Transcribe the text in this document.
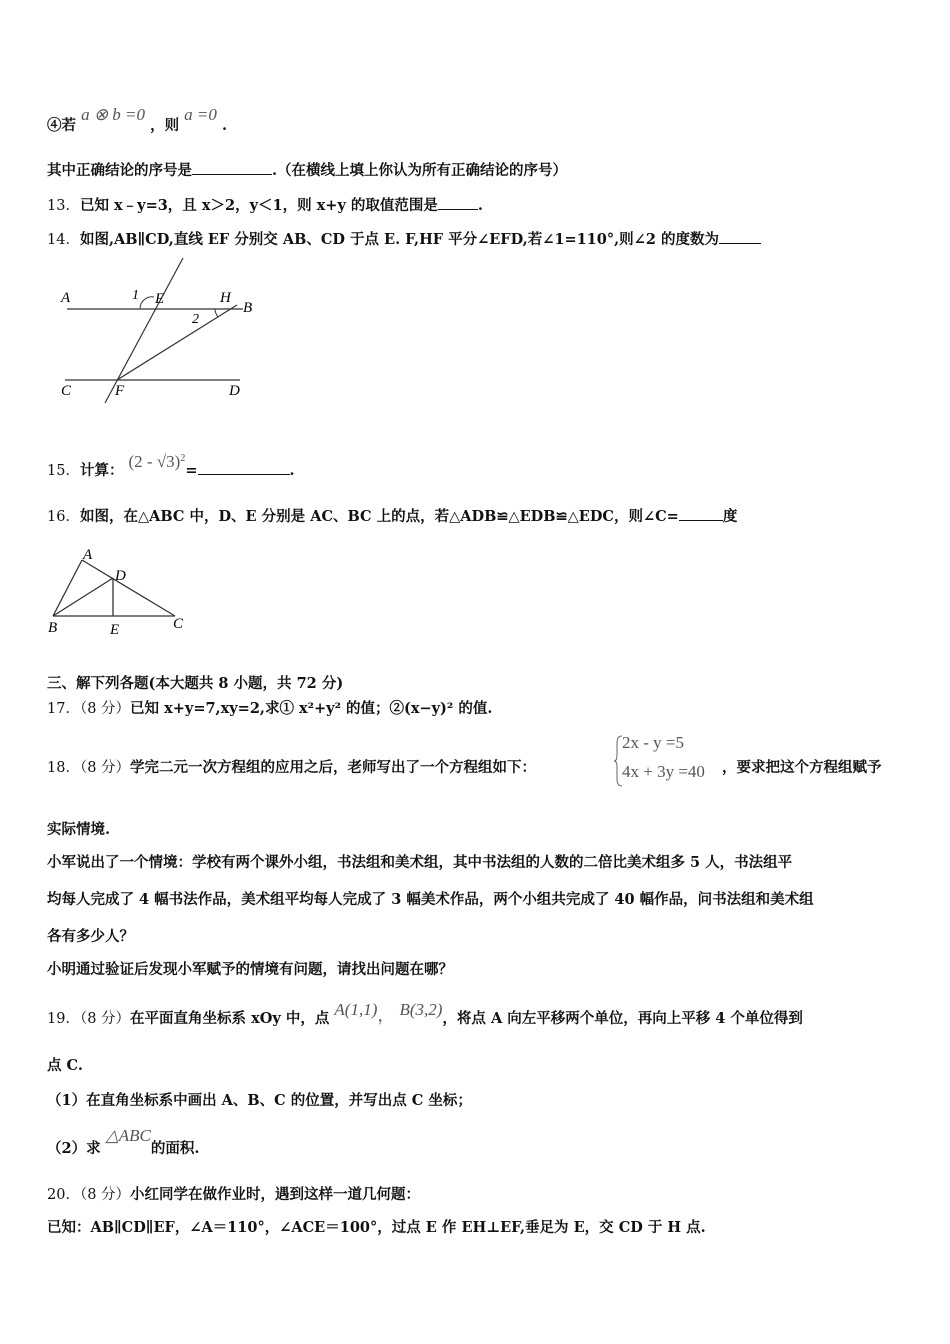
④若 a ⊗ b =0 ，则 a =0 .
其中正确结论的序号是	.（在横线上填上你认为所有正确结论的序号）
13．已知 x﹣y=3，且 x＞2，y＜1，则 x+y 的取值范围是	.
14．如图,AB∥CD,直线 EF 分别交 AB、CD 于点 E. F,HF 平分∠EFD,若∠1=110°,则∠2 的度数为
A	1 E	H
B
2
C	F	D
15．计算： (2 - √3)$^2$=	.
16．如图，在△ABC 中，D、E 分别是 AC、BC 上的点，若△ADB≌△EDB≌△EDC，则∠C=	度
A
D
B	E	C
三、解下列各题(本大题共 8 小题，共 72 分)
17．（8 分）已知 x+y=7,xy=2,求① x²+y² 的值；②(x−y)² 的值.
18．（8 分）学完二元一次方程组的应用之后，老师写出了一个方程组如下：
2x - y =5
4x + 3y =40 ，要求把这个方程组赋予
实际情境.
小军说出了一个情境：学校有两个课外小组，书法组和美术组，其中书法组的人数的二倍比美术组多 5 人，书法组平
均每人完成了 4 幅书法作品，美术组平均每人完成了 3 幅美术作品，两个小组共完成了 40 幅作品，问书法组和美术组
各有多少人？
小明通过验证后发现小军赋予的情境有问题，请找出问题在哪？
19．（8 分）在平面直角坐标系 xOy 中，点 A(1,1)， B(3,2)，将点 A 向左平移两个单位，再向上平移 4 个单位得到
点 C.
（1）在直角坐标系中画出 A、B、C 的位置，并写出点 C 坐标；
（2）求 △ABC的面积.
20．（8 分）小红同学在做作业时，遇到这样一道几何题：
已知：AB∥CD∥EF，∠A＝110°，∠ACE＝100°，过点 E 作 EH⊥EF,垂足为 E，交 CD 于 H 点.
